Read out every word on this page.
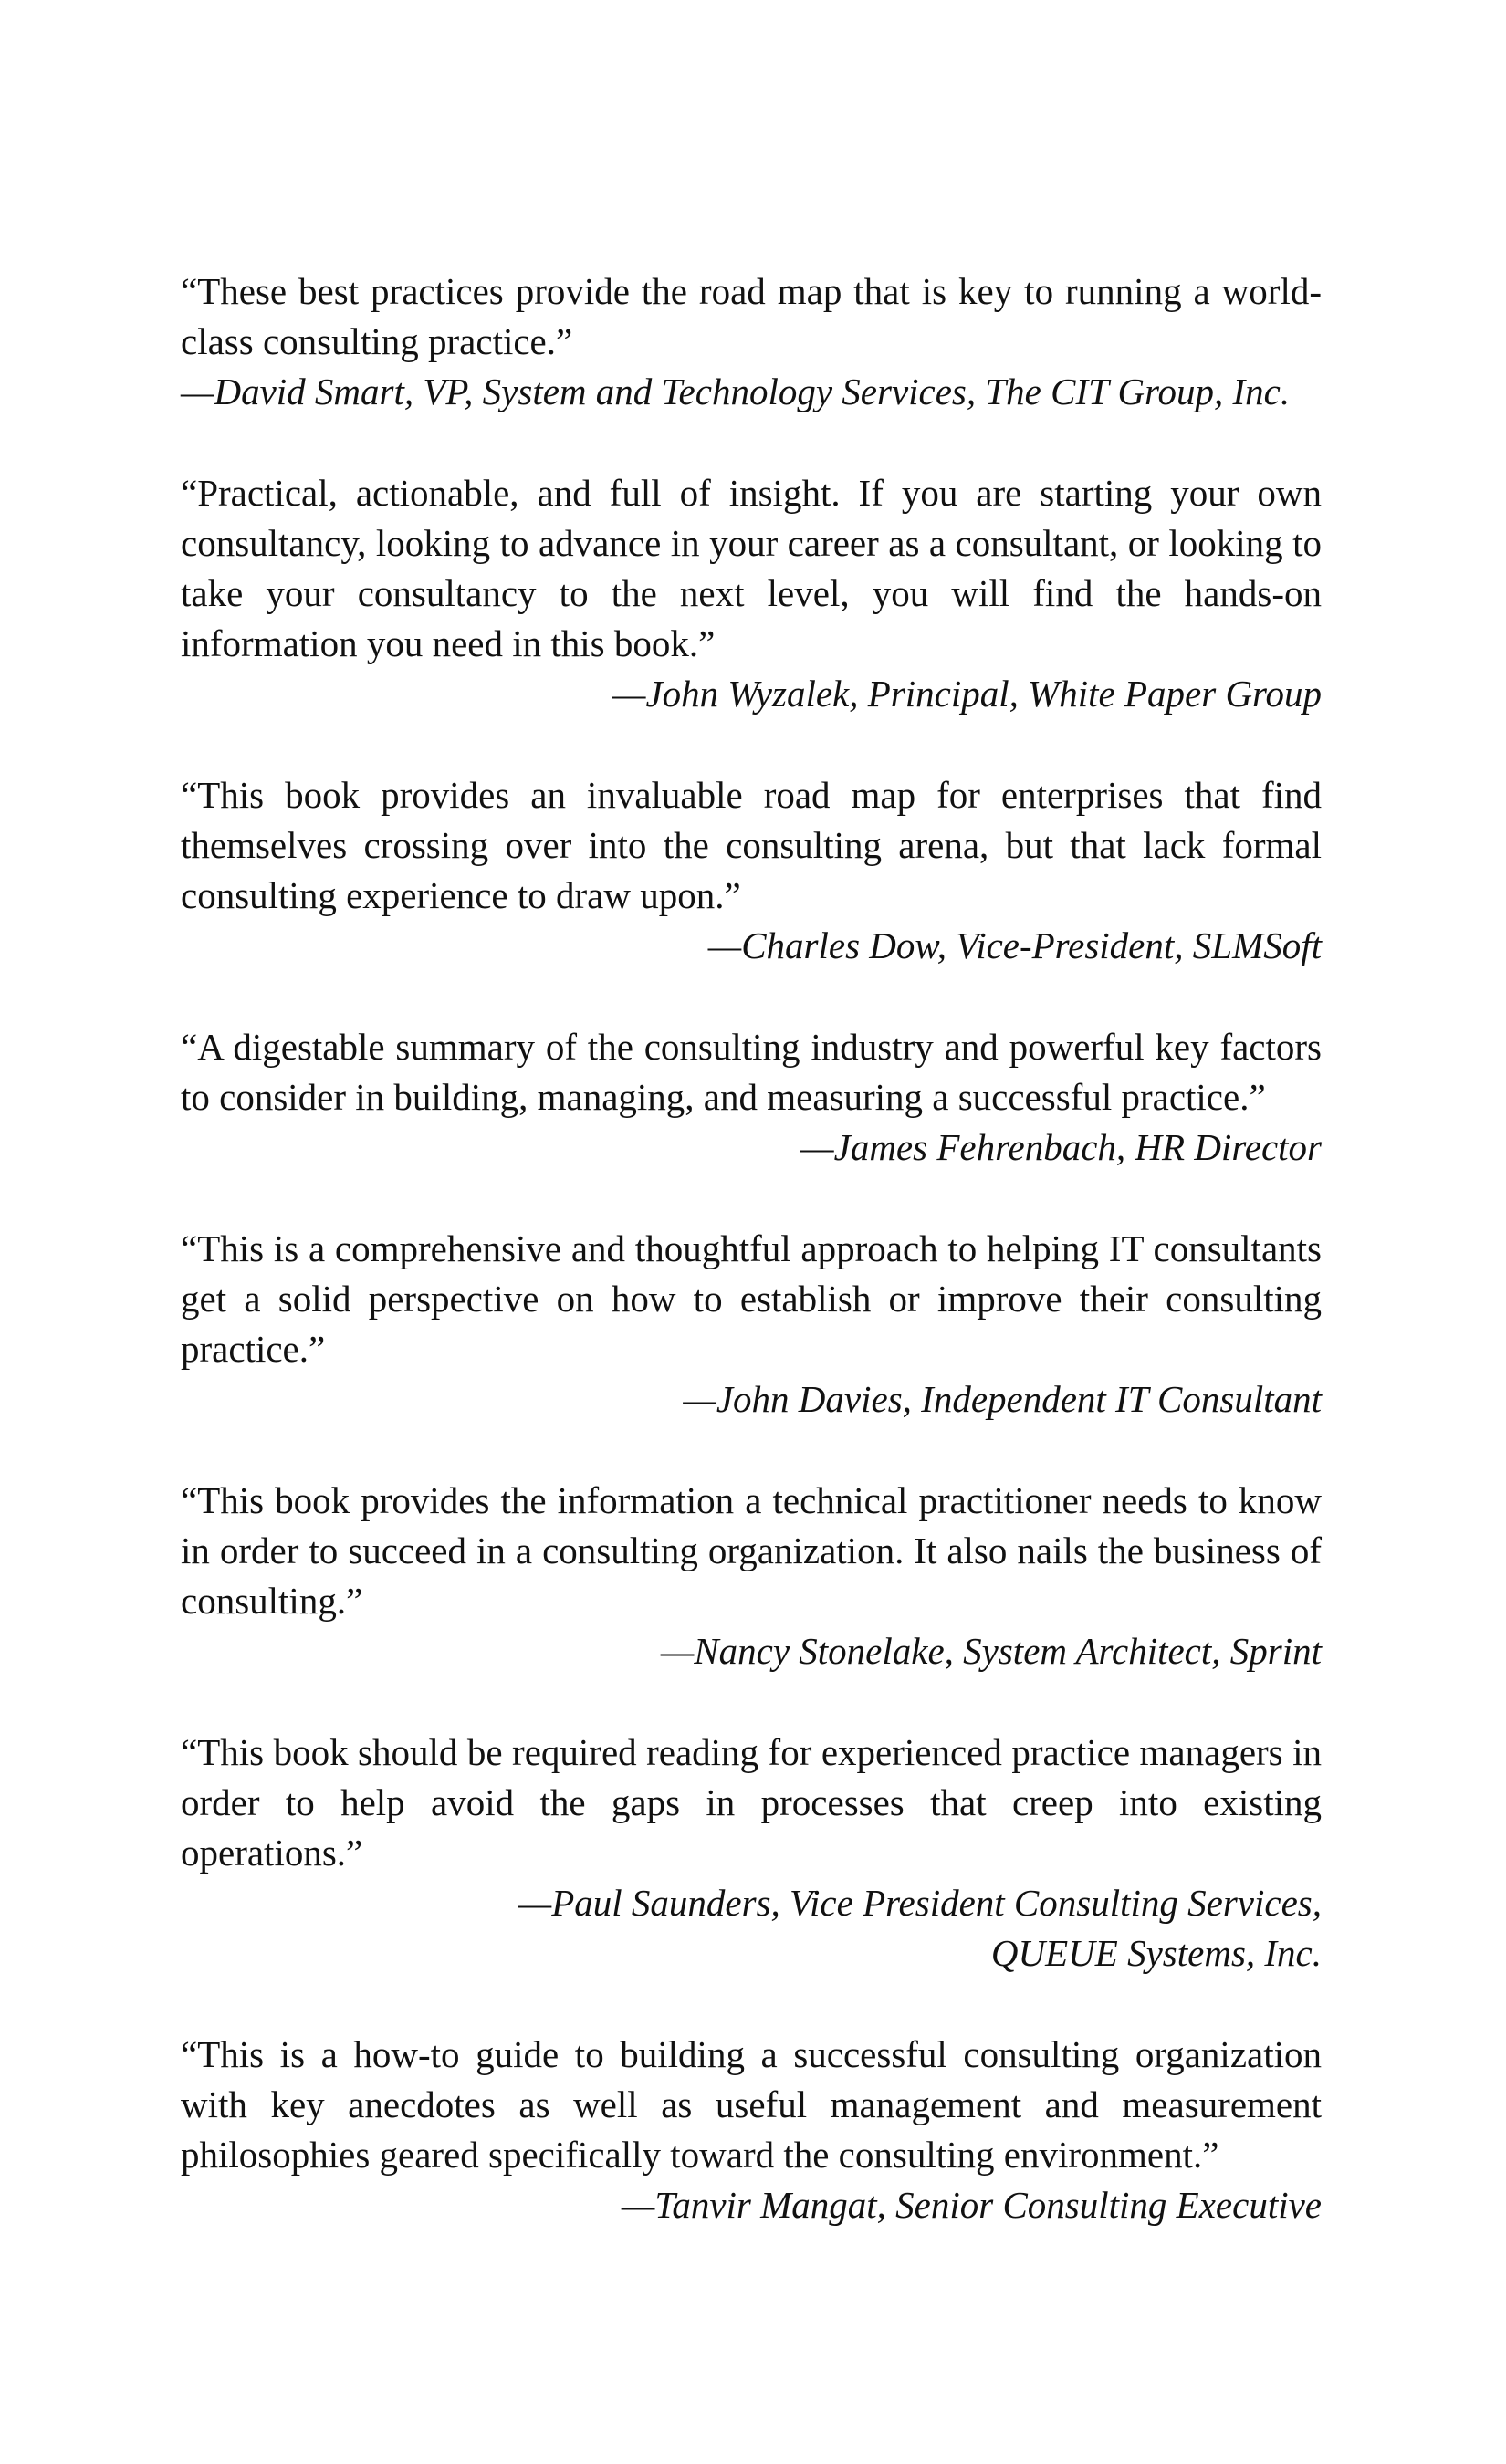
“These best practices provide the road map that is key to running a world-class consulting practice.”

—David Smart, VP, System and Technology Services, The CIT Group, Inc.

“Practical, actionable, and full of insight. If you are starting your own consultancy, looking to advance in your career as a consultant, or looking to take your consultancy to the next level, you will find the hands-on information you need in this book.”

—John Wyzalek, Principal, White Paper Group

“This book provides an invaluable road map for enterprises that find themselves crossing over into the consulting arena, but that lack formal consulting experience to draw upon.”

—Charles Dow, Vice-President, SLMSoft

“A digestable summary of the consulting industry and powerful key factors to consider in building, managing, and measuring a successful practice.”

—James Fehrenbach, HR Director

“This is a comprehensive and thoughtful approach to helping IT consultants get a solid perspective on how to establish or improve their consulting practice.”

—John Davies, Independent IT Consultant

“This book provides the information a technical practitioner needs to know in order to succeed in a consulting organization. It also nails the business of consulting.”

—Nancy Stonelake, System Architect, Sprint

“This book should be required reading for experienced practice managers in order to help avoid the gaps in processes that creep into existing operations.”

—Paul Saunders, Vice President Consulting Services,
QUEUE Systems, Inc.

“This is a how-to guide to building a successful consulting organization with key anecdotes as well as useful management and measurement philosophies geared specifically toward the consulting environment.”

—Tanvir Mangat, Senior Consulting Executive
